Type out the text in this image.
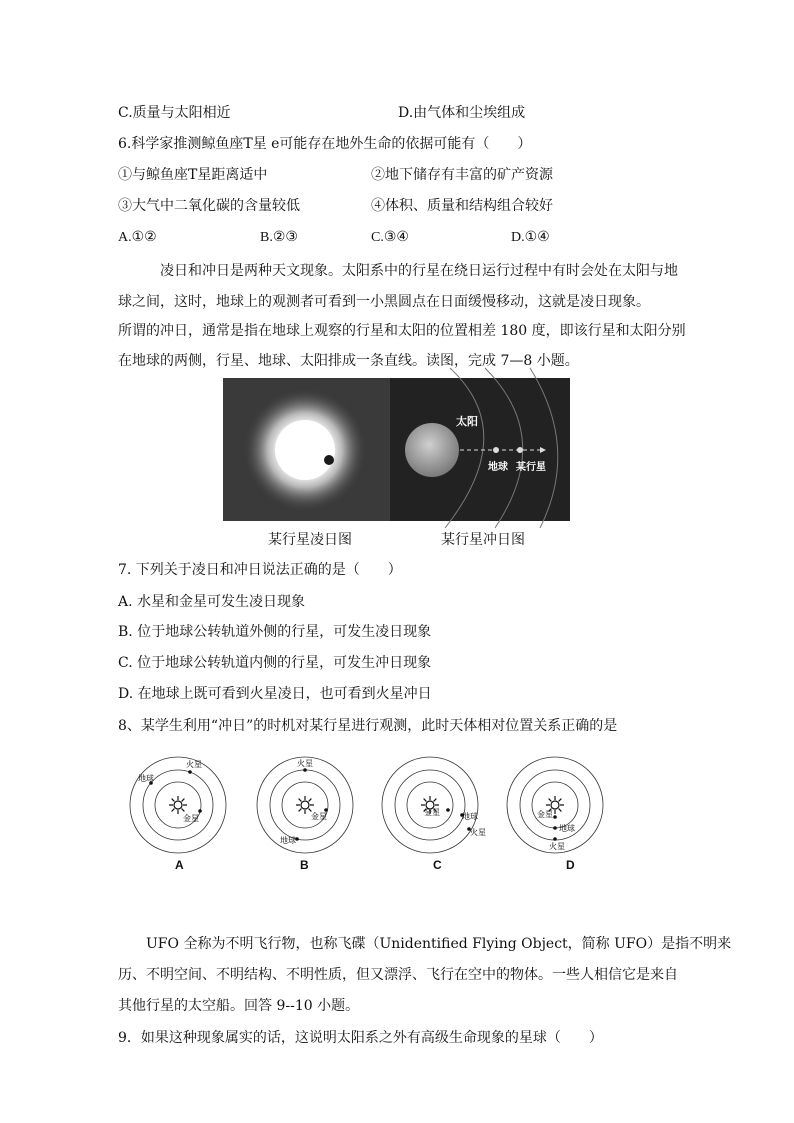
C.质量与太阳相近	D.由气体和尘埃组成
6.科学家推测鲸鱼座T星 e可能存在地外生命的依据可能有（　　）
①与鲸鱼座T星距离适中	②地下储存有丰富的矿产资源
③大气中二氧化碳的含量较低	④体积、质量和结构组合较好
A.①②	B.②③	C.③④	D.①④
凌日和冲日是两种天文现象。太阳系中的行星在绕日运行过程中有时会处在太阳与地
球之间，这时，地球上的观测者可看到一小黑圆点在日面缓慢移动，这就是凌日现象。
所谓的冲日，通常是指在地球上观察的行星和太阳的位置相差 180 度，即该行星和太阳分别
在地球的两侧，行星、地球、太阳排成一条直线。读图，完成 7—8 小题。
太阳
地球 某行星
某行星凌日图	某行星冲日图
7. 下列关于凌日和冲日说法正确的是（　　）
A. 水星和金星可发生凌日现象
B. 位于地球公转轨道外侧的行星，可发生凌日现象
C. 位于地球公转轨道内侧的行星，可发生冲日现象
D. 在地球上既可看到火星凌日，也可看到火星冲日
8、某学生利用“冲日”的时机对某行星进行观测，此时天体相对位置关系正确的是
地球
火星
金星
火星
金星
地球
金星	地球
火星
金星
地球
火星
A	B	C	D
UFO 全称为不明飞行物，也称飞碟（Unidentified Flying Object，简称 UFO）是指不明来
历、不明空间、不明结构、不明性质，但又漂浮、飞行在空中的物体。一些人相信它是来自
其他行星的太空船。回答 9--10 小题。
9．如果这种现象属实的话，这说明太阳系之外有高级生命现象的星球（　　）
